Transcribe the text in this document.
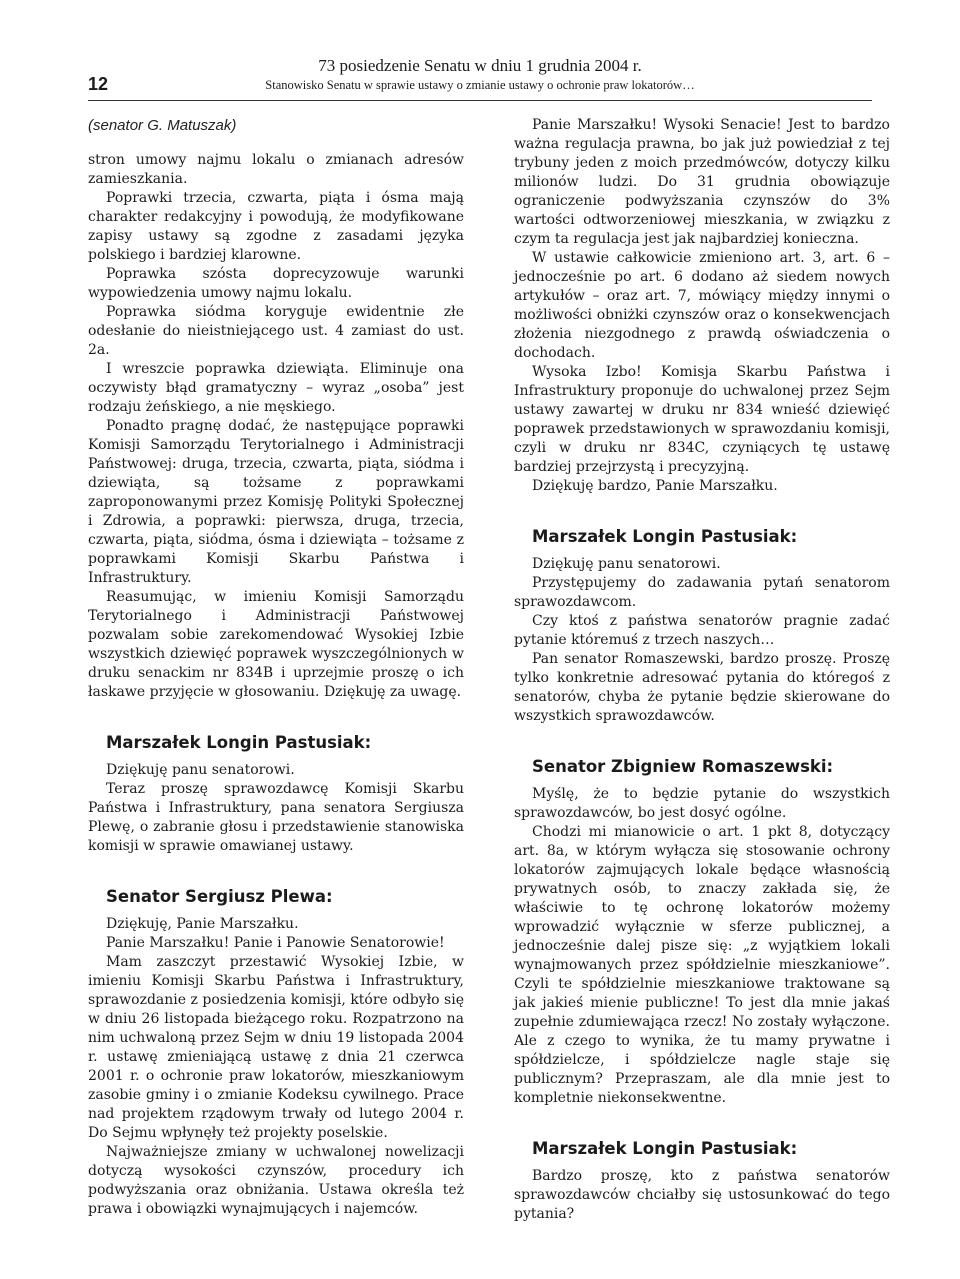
12
73 posiedzenie Senatu w dniu 1 grudnia 2004 r.
Stanowisko Senatu w sprawie ustawy o zmianie ustawy o ochronie praw lokatorów…
(senator G. Matuszak)

stron umowy najmu lokalu o zmianach adresów zamieszkania.

Poprawki trzecia, czwarta, piąta i ósma mają charakter redakcyjny i powodują, że modyfikowane zapisy ustawy są zgodne z zasadami języka polskiego i bardziej klarowne.

Poprawka szósta doprecyzowuje warunki wypowiedzenia umowy najmu lokalu.

Poprawka siódma koryguje ewidentnie złe odesłanie do nieistniejącego ust. 4 zamiast do ust. 2a.

I wreszcie poprawka dziewiąta. Eliminuje ona oczywisty błąd gramatyczny – wyraz „osoba” jest rodzaju żeńskiego, a nie męskiego.

Ponadto pragnę dodać, że następujące poprawki Komisji Samorządu Terytorialnego i Administracji Państwowej: druga, trzecia, czwarta, piąta, siódma i dziewiąta, są tożsame z poprawkami zaproponowanymi przez Komisję Polityki Społecznej i Zdrowia, a poprawki: pierwsza, druga, trzecia, czwarta, piąta, siódma, ósma i dziewiąta – tożsame z poprawkami Komisji Skarbu Państwa i Infrastruktury.

Reasumując, w imieniu Komisji Samorządu Terytorialnego i Administracji Państwowej pozwalam sobie zarekomendować Wysokiej Izbie wszystkich dziewięć poprawek wyszczególnionych w druku senackim nr 834B i uprzejmie proszę o ich łaskawe przyjęcie w głosowaniu. Dziękuję za uwagę.

Marszałek Longin Pastusiak:

Dziękuję panu senatorowi.

Teraz proszę sprawozdawcę Komisji Skarbu Państwa i Infrastruktury, pana senatora Sergiusza Plewę, o zabranie głosu i przedstawienie stanowiska komisji w sprawie omawianej ustawy.

Senator Sergiusz Plewa:

Dziękuję, Panie Marszałku.

Panie Marszałku! Panie i Panowie Senatorowie!

Mam zaszczyt przestawić Wysokiej Izbie, w imieniu Komisji Skarbu Państwa i Infrastruktury, sprawozdanie z posiedzenia komisji, które odbyło się w dniu 26 listopada bieżącego roku. Rozpatrzono na nim uchwaloną przez Sejm w dniu 19 listopada 2004 r. ustawę zmieniającą ustawę z dnia 21 czerwca 2001 r. o ochronie praw lokatorów, mieszkaniowym zasobie gminy i o zmianie Kodeksu cywilnego. Prace nad projektem rządowym trwały od lutego 2004 r. Do Sejmu wpłynęły też projekty poselskie.

Najważniejsze zmiany w uchwalonej nowelizacji dotyczą wysokości czynszów, procedury ich podwyższania oraz obniżania. Ustawa określa też prawa i obowiązki wynajmujących i najemców.

Panie Marszałku! Wysoki Senacie! Jest to bardzo ważna regulacja prawna, bo jak już powiedział z tej trybuny jeden z moich przedmówców, dotyczy kilku milionów ludzi. Do 31 grudnia obowiązuje ograniczenie podwyższania czynszów do 3% wartości odtworzeniowej mieszkania, w związku z czym ta regulacja jest jak najbardziej konieczna.

W ustawie całkowicie zmieniono art. 3, art. 6 – jednocześnie po art. 6 dodano aż siedem nowych artykułów – oraz art. 7, mówiący między innymi o możliwości obniżki czynszów oraz o konsekwencjach złożenia niezgodnego z prawdą oświadczenia o dochodach.

Wysoka Izbo! Komisja Skarbu Państwa i Infrastruktury proponuje do uchwalonej przez Sejm ustawy zawartej w druku nr 834 wnieść dziewięć poprawek przedstawionych w sprawozdaniu komisji, czyli w druku nr 834C, czyniących tę ustawę bardziej przejrzystą i precyzyjną.

Dziękuję bardzo, Panie Marszałku.

Marszałek Longin Pastusiak:

Dziękuję panu senatorowi.

Przystępujemy do zadawania pytań senatorom sprawozdawcom.

Czy ktoś z państwa senatorów pragnie zadać pytanie któremuś z trzech naszych…

Pan senator Romaszewski, bardzo proszę. Proszę tylko konkretnie adresować pytania do któregoś z senatorów, chyba że pytanie będzie skierowane do wszystkich sprawozdawców.

Senator Zbigniew Romaszewski:

Myślę, że to będzie pytanie do wszystkich sprawozdawców, bo jest dosyć ogólne.

Chodzi mi mianowicie o art. 1 pkt 8, dotyczący art. 8a, w którym wyłącza się stosowanie ochrony lokatorów zajmujących lokale będące własnością prywatnych osób, to znaczy zakłada się, że właściwie to tę ochronę lokatorów możemy wprowadzić wyłącznie w sferze publicznej, a jednocześnie dalej pisze się: „z wyjątkiem lokali wynajmowanych przez spółdzielnie mieszkaniowe”. Czyli te spółdzielnie mieszkaniowe traktowane są jak jakieś mienie publiczne! To jest dla mnie jakaś zupełnie zdumiewająca rzecz! No zostały wyłączone. Ale z czego to wynika, że tu mamy prywatne i spółdzielcze, i spółdzielcze nagle staje się publicznym? Przepraszam, ale dla mnie jest to kompletnie niekonsekwentne.

Marszałek Longin Pastusiak:

Bardzo proszę, kto z państwa senatorów sprawozdawców chciałby się ustosunkować do tego pytania?
